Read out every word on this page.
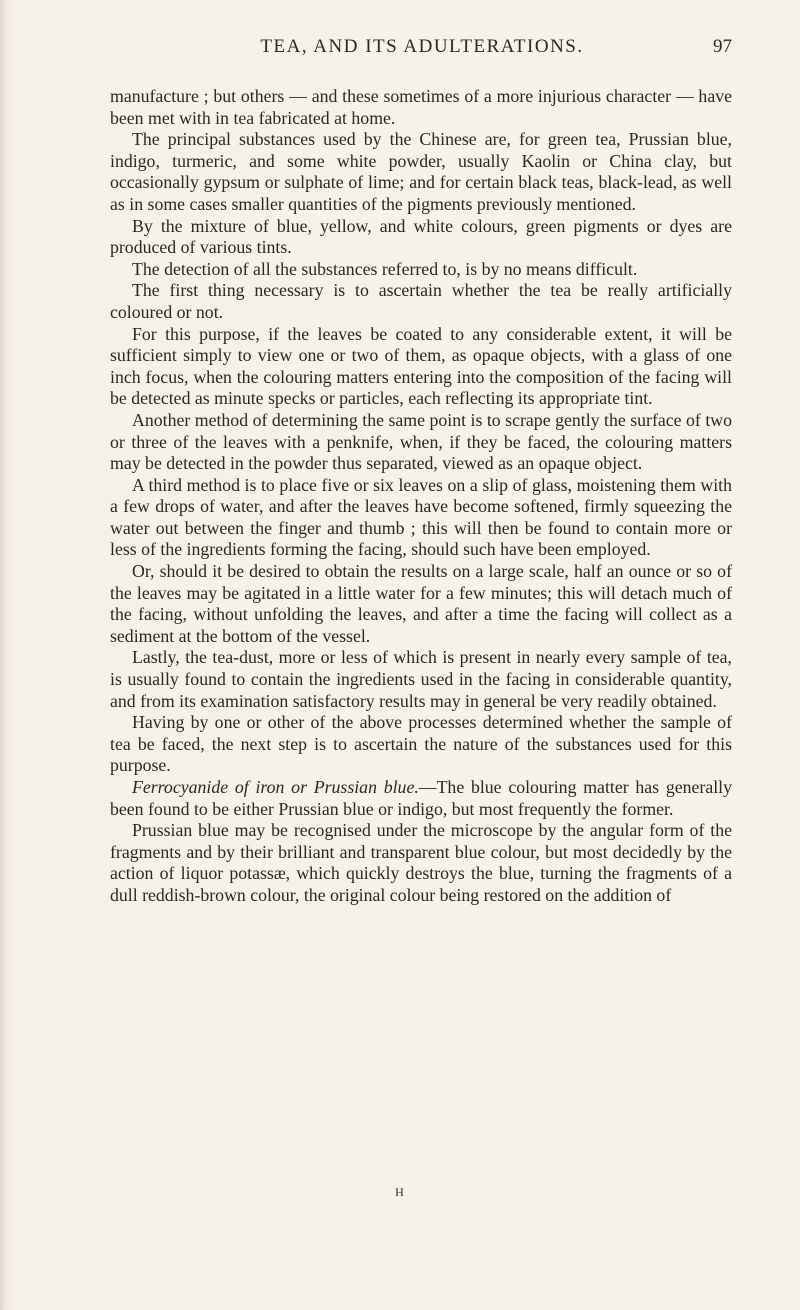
TEA, AND ITS ADULTERATIONS.	97

manufacture ; but others — and these sometimes of a more injurious character — have been met with in tea fabricated at home.

The principal substances used by the Chinese are, for green tea, Prussian blue, indigo, turmeric, and some white powder, usually Kaolin or China clay, but occasionally gypsum or sulphate of lime; and for certain black teas, black-lead, as well as in some cases smaller quantities of the pigments previously mentioned.

By the mixture of blue, yellow, and white colours, green pigments or dyes are produced of various tints.

The detection of all the substances referred to, is by no means difficult.

The first thing necessary is to ascertain whether the tea be really artificially coloured or not.

For this purpose, if the leaves be coated to any considerable extent, it will be sufficient simply to view one or two of them, as opaque objects, with a glass of one inch focus, when the colouring matters entering into the composition of the facing will be detected as minute specks or particles, each reflecting its appropriate tint.

Another method of determining the same point is to scrape gently the surface of two or three of the leaves with a penknife, when, if they be faced, the colouring matters may be detected in the powder thus separated, viewed as an opaque object.

A third method is to place five or six leaves on a slip of glass, moistening them with a few drops of water, and after the leaves have become softened, firmly squeezing the water out between the finger and thumb ; this will then be found to contain more or less of the ingredients forming the facing, should such have been employed.

Or, should it be desired to obtain the results on a large scale, half an ounce or so of the leaves may be agitated in a little water for a few minutes; this will detach much of the facing, without unfolding the leaves, and after a time the facing will collect as a sediment at the bottom of the vessel.

Lastly, the tea-dust, more or less of which is present in nearly every sample of tea, is usually found to contain the ingredients used in the facing in considerable quantity, and from its examination satisfactory results may in general be very readily obtained.

Having by one or other of the above processes determined whether the sample of tea be faced, the next step is to ascertain the nature of the substances used for this purpose.

Ferrocyanide of iron or Prussian blue.—The blue colouring matter has generally been found to be either Prussian blue or indigo, but most frequently the former.

Prussian blue may be recognised under the microscope by the angular form of the fragments and by their brilliant and transparent blue colour, but most decidedly by the action of liquor potassæ, which quickly destroys the blue, turning the fragments of a dull reddish-brown colour, the original colour being restored on the addition of

H
